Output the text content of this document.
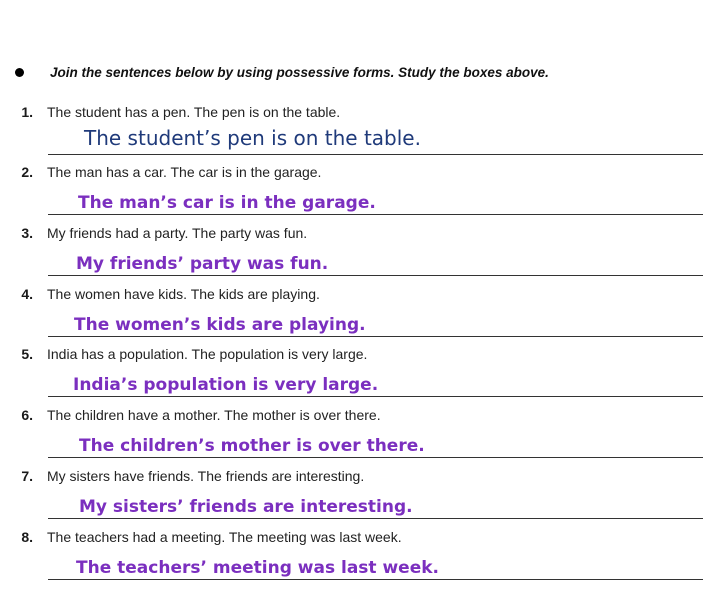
Join the sentences below by using possessive forms. Study the boxes above.
1. The student has a pen. The pen is on the table.
The student’s pen is on the table.
2. The man has a car. The car is in the garage.
The man’s car is in the garage.
3. My friends had a party. The party was fun.
My friends’ party was fun.
4. The women have kids. The kids are playing.
The women’s kids are playing.
5. India has a population. The population is very large.
India’s population is very large.
6. The children have a mother. The mother is over there.
The children’s mother is over there.
7. My sisters have friends. The friends are interesting.
My sisters’ friends are interesting.
8. The teachers had a meeting. The meeting was last week.
The teachers’ meeting was last week.
